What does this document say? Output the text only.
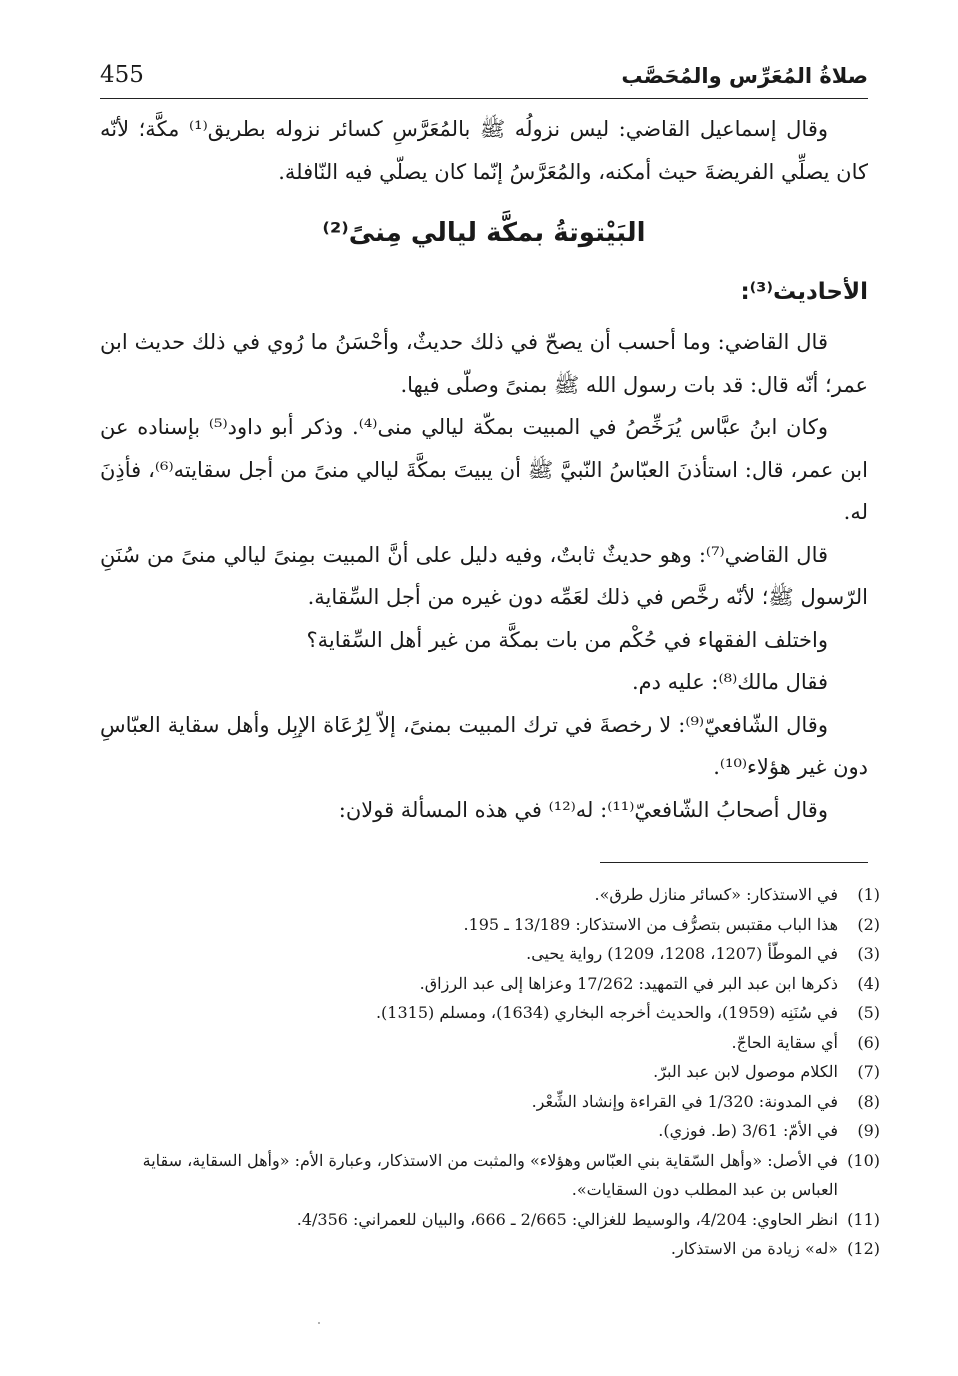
صلاةُ المُعَرِّس والمُحَصَّب
455

وقال إسماعيل القاضي: ليس نزولُه ﷺ بالمُعَرَّسِ كسائر نزوله بطريق⁽¹⁾ مكَّة؛ لأنّه كان يصلِّي الفريضةَ حيث أمكنه، والمُعَرَّسُ إنّما كان يصلّي فيه النّافلة.

البَيْتوتةُ بمكَّة ليالي مِنىً⁽²⁾

الأحاديث⁽³⁾:

قال القاضي: وما أحسب أن يصحّ في ذلك حديثٌ، وأحْسَنُ ما رُوي في ذلك حديث ابن عمر؛ أنّه قال: قد بات رسول الله ﷺ بمنىً وصلّى فيها.

وكان ابنُ عبَّاس يُرَخِّصُ في المبيت بمكّة ليالي منى⁽⁴⁾. وذكر أبو داود⁽⁵⁾ بإسناده عن ابن عمر، قال: استأذنَ العبّاسُ النّبيَّ ﷺ أن يبيتَ بمكَّةَ ليالي منىً من أجل سقايته⁽⁶⁾، فأذِنَ له.

قال القاضي⁽⁷⁾: وهو حديثٌ ثابتٌ، وفيه دليل على أنَّ المبيت بمِنىً ليالي منىً من سُنَنِ الرّسول ﷺ؛ لأنّه رخَّص في ذلك لعَمِّه دون غيره من أجل السِّقاية.

واختلف الفقهاء في حُكْم من بات بمكَّة من غير أهل السِّقاية؟

فقال مالك⁽⁸⁾: عليه دم.

وقال الشّافعيّ⁽⁹⁾: لا رخصةَ في ترك المبيت بمنىً، إلاّ لِرُعَاة الإبِل وأهل سقاية العبّاسِ دون غير هؤلاء⁽¹⁰⁾.

وقال أصحابُ الشّافعيّ⁽¹¹⁾: له⁽¹²⁾ في هذه المسألة قولان:

(1)
في الاستذكار: «كسائر منازل طرق».
(2)
هذا الباب مقتبس بتصرُّف من الاستذكار: 13/189 ـ 195.
(3)
في الموطّأ (1207، 1208، 1209) رواية يحيى.
(4)
ذكرها ابن عبد البر في التمهيد: 17/262 وعزاها إلى عبد الرزاق.
(5)
في سُنَنِه (1959)، والحديث أخرجه البخاري (1634)، ومسلم (1315).
(6)
أي سقاية الحاجّ.
(7)
الكلام موصول لابن عبد البرّ.
(8)
في المدونة: 1/320 في القراءة وإنشاد الشِّعْر.
(9)
في الأمّ: 3/61 (ط. فوزي).
(10)
في الأصل: «وأهل السّقاية بني العبّاس وهؤلاء» والمثبت من الاستذكار، وعبارة الأم: «وأهل السقاية، سقاية العباس بن عبد المطلب دون السقايات».
(11)
انظر الحاوي: 4/204، والوسيط للغزالي: 2/665 ـ 666، والبيان للعمراني: 4/356.
(12)
«له» زيادة من الاستذكار.
